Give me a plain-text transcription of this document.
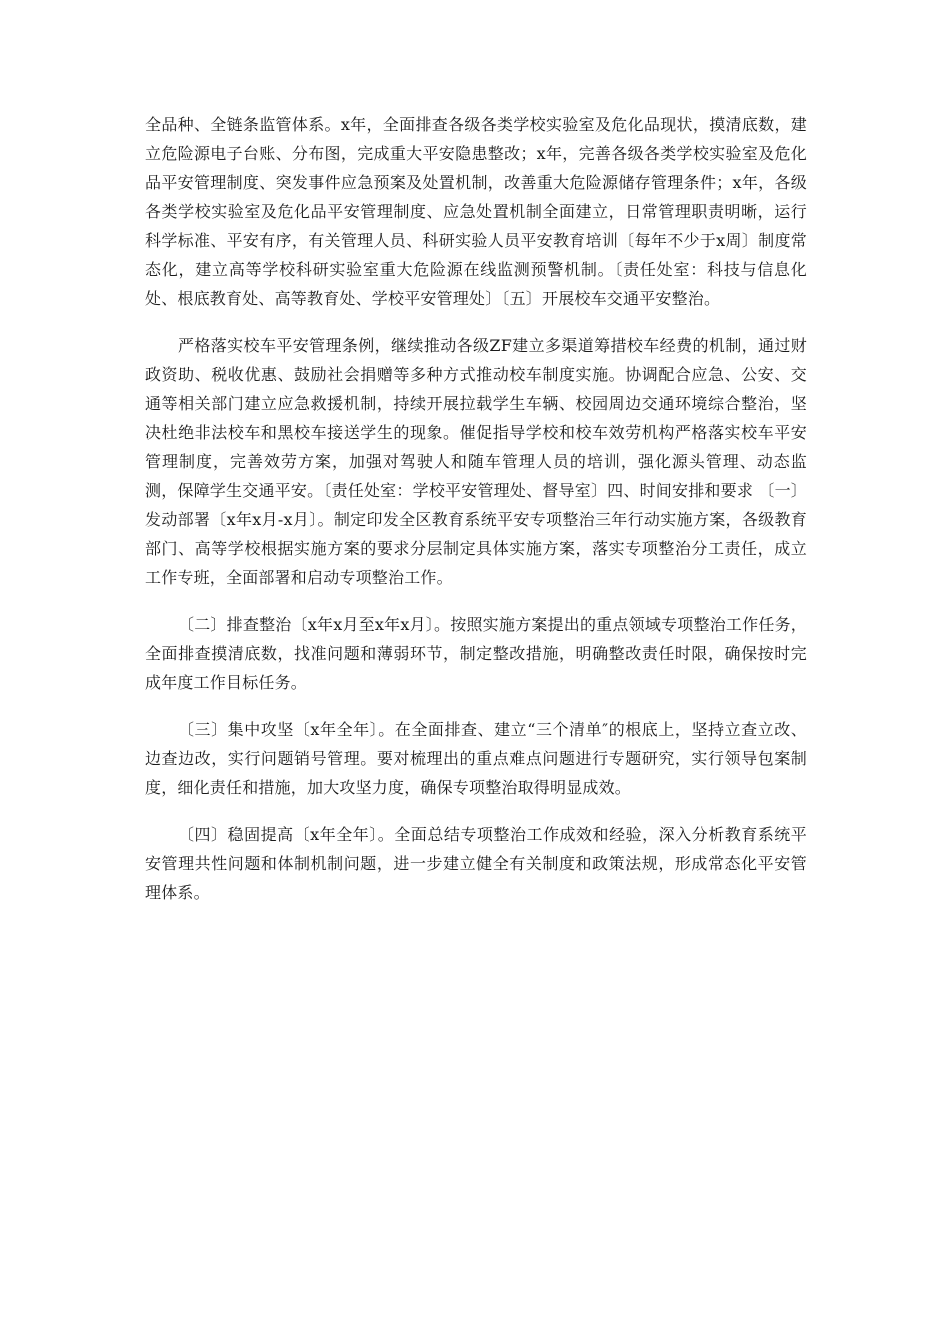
全品种、全链条监管体系。x年，全面排查各级各类学校实验室及危化品现状，摸清底数，建立危险源电子台账、分布图，完成重大平安隐患整改；x年，完善各级各类学校实验室及危化品平安管理制度、突发事件应急预案及处置机制，改善重大危险源储存管理条件；x年，各级各类学校实验室及危化品平安管理制度、应急处置机制全面建立，日常管理职责明晰，运行科学标准、平安有序，有关管理人员、科研实验人员平安教育培训〔每年不少于x周〕制度常态化，建立高等学校科研实验室重大危险源在线监测预警机制。〔责任处室：科技与信息化处、根底教育处、高等教育处、学校平安管理处〕〔五〕开展校车交通平安整治。

严格落实校车平安管理条例，继续推动各级ZF建立多渠道筹措校车经费的机制，通过财政资助、税收优惠、鼓励社会捐赠等多种方式推动校车制度实施。协调配合应急、公安、交通等相关部门建立应急救援机制，持续开展拉载学生车辆、校园周边交通环境综合整治，坚决杜绝非法校车和黑校车接送学生的现象。催促指导学校和校车效劳机构严格落实校车平安管理制度，完善效劳方案，加强对驾驶人和随车管理人员的培训，强化源头管理、动态监测，保障学生交通平安。〔责任处室：学校平安管理处、督导室〕四、时间安排和要求 〔一〕发动部署〔x年x月-x月〕。制定印发全区教育系统平安专项整治三年行动实施方案，各级教育部门、高等学校根据实施方案的要求分层制定具体实施方案，落实专项整治分工责任，成立工作专班，全面部署和启动专项整治工作。

〔二〕排查整治〔x年x月至x年x月〕。按照实施方案提出的重点领域专项整治工作任务，全面排查摸清底数，找准问题和薄弱环节，制定整改措施，明确整改责任时限，确保按时完成年度工作目标任务。

〔三〕集中攻坚〔x年全年〕。在全面排查、建立“三个清单″的根底上，坚持立查立改、边查边改，实行问题销号管理。要对梳理出的重点难点问题进行专题研究，实行领导包案制度，细化责任和措施，加大攻坚力度，确保专项整治取得明显成效。

〔四〕稳固提高〔x年全年〕。全面总结专项整治工作成效和经验，深入分析教育系统平安管理共性问题和体制机制问题，进一步建立健全有关制度和政策法规，形成常态化平安管理体系。
